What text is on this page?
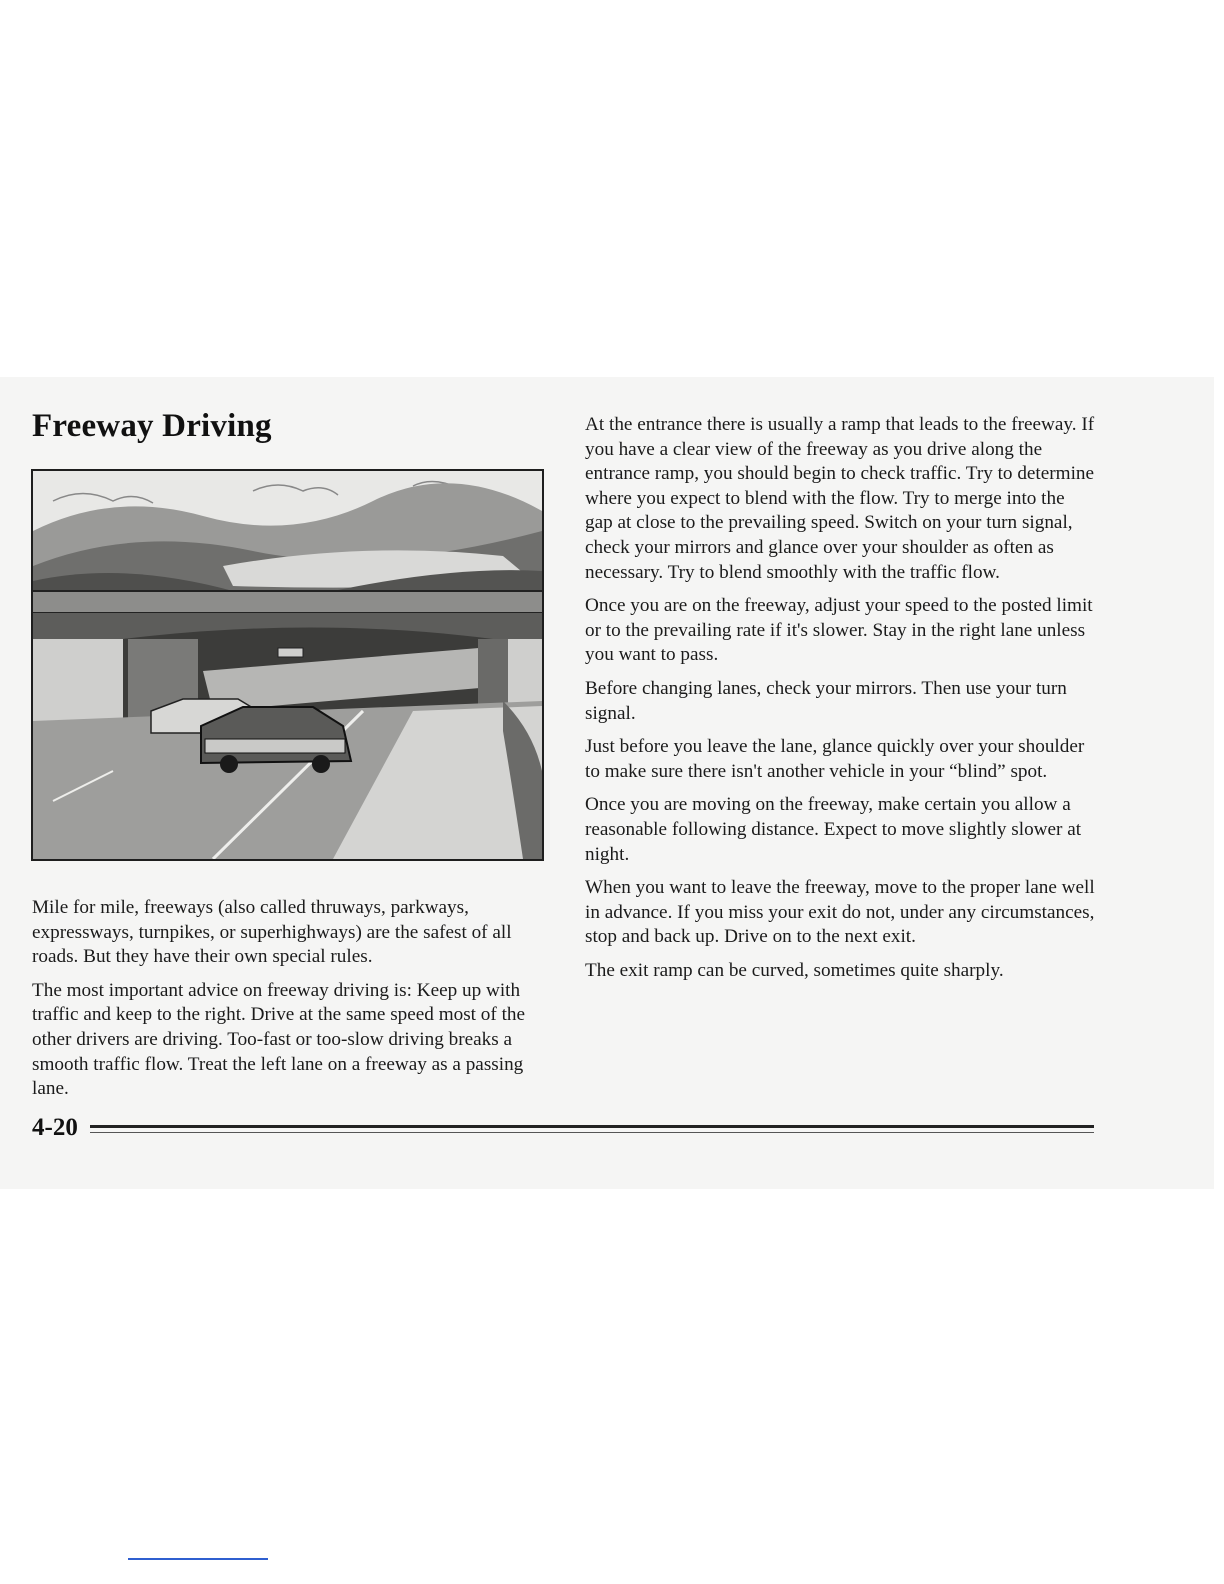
Freeway Driving

Mile for mile, freeways (also called thruways, parkways, expressways, turnpikes, or superhighways) are the safest of all roads. But they have their own special rules.

The most important advice on freeway driving is: Keep up with traffic and keep to the right. Drive at the same speed most of the other drivers are driving. Too-fast or too-slow driving breaks a smooth traffic flow. Treat the left lane on a freeway as a passing lane.

At the entrance there is usually a ramp that leads to the freeway. If you have a clear view of the freeway as you drive along the entrance ramp, you should begin to check traffic. Try to determine where you expect to blend with the flow. Try to merge into the gap at close to the prevailing speed. Switch on your turn signal, check your mirrors and glance over your shoulder as often as necessary. Try to blend smoothly with the traffic flow.

Once you are on the freeway, adjust your speed to the posted limit or to the prevailing rate if it's slower. Stay in the right lane unless you want to pass.

Before changing lanes, check your mirrors. Then use your turn signal.

Just before you leave the lane, glance quickly over your shoulder to make sure there isn't another vehicle in your “blind” spot.

Once you are moving on the freeway, make certain you allow a reasonable following distance. Expect to move slightly slower at night.

When you want to leave the freeway, move to the proper lane well in advance. If you miss your exit do not, under any circumstances, stop and back up. Drive on to the next exit.

The exit ramp can be curved, sometimes quite sharply.

4-20
